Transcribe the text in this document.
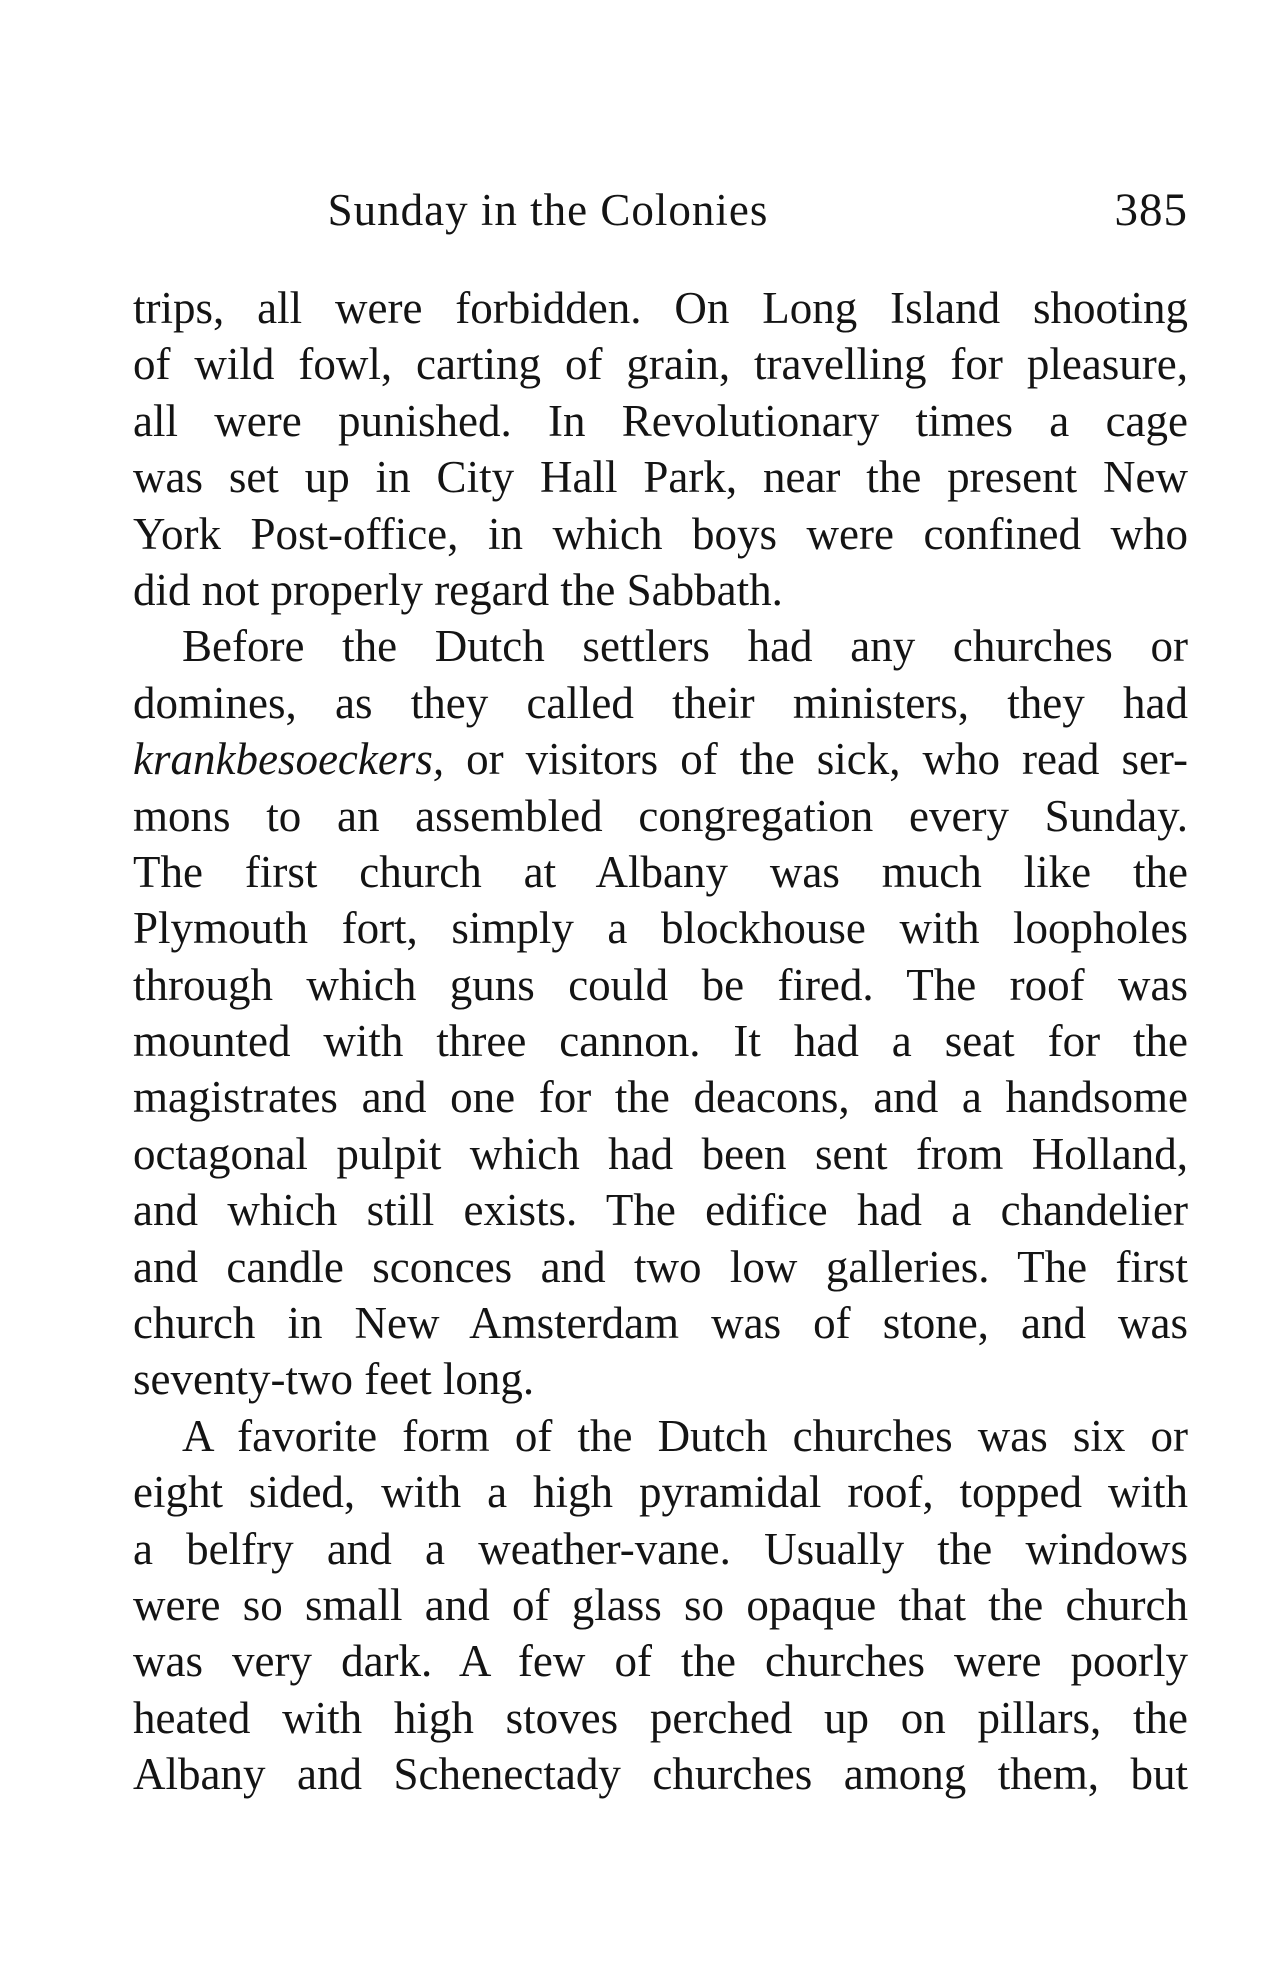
Sunday in the Colonies	385
trips, all were forbidden. On Long Island shooting
of wild fowl, carting of grain, travelling for pleasure,
all were punished. In Revolutionary times a cage
was set up in City Hall Park, near the present New
York Post-office, in which boys were confined who
did not properly regard the Sabbath.
Before the Dutch settlers had any churches or
domines, as they called their ministers, they had
krankbesoeckers, or visitors of the sick, who read ser-
mons to an assembled congregation every Sunday.
The first church at Albany was much like the
Plymouth fort, simply a blockhouse with loopholes
through which guns could be fired. The roof was
mounted with three cannon. It had a seat for the
magistrates and one for the deacons, and a handsome
octagonal pulpit which had been sent from Holland,
and which still exists. The edifice had a chandelier
and candle sconces and two low galleries. The first
church in New Amsterdam was of stone, and was
seventy-two feet long.
A favorite form of the Dutch churches was six or
eight sided, with a high pyramidal roof, topped with
a belfry and a weather-vane. Usually the windows
were so small and of glass so opaque that the church
was very dark. A few of the churches were poorly
heated with high stoves perched up on pillars, the
Albany and Schenectady churches among them, but
